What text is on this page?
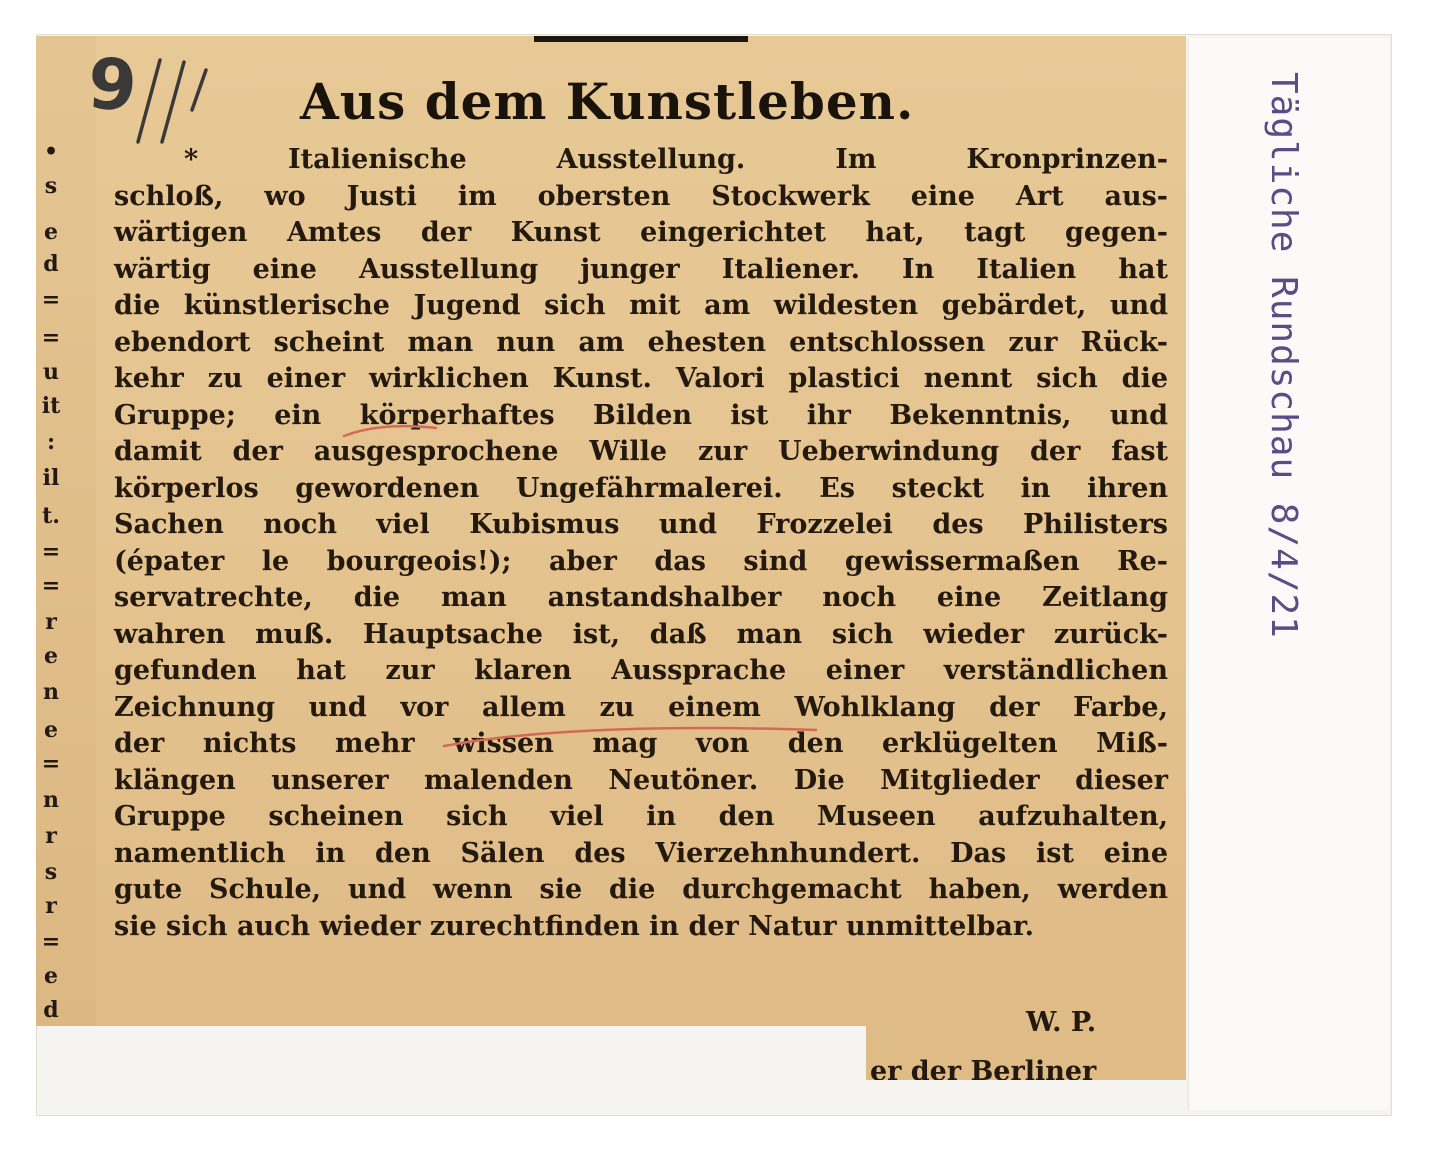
9
•
s
e
d
=
=
u
it
:
il
t.
=
=
r
e
n
e
=
n
r
s
r
=
e
d
Aus dem Kunstleben.
* Italienische Ausstellung. Im Kronprinzen-
schloß, wo Justi im obersten Stockwerk eine Art aus-
wärtigen Amtes der Kunst eingerichtet hat, tagt gegen-
wärtig eine Ausstellung junger Italiener. In Italien hat
die künstlerische Jugend sich mit am wildesten gebärdet, und
ebendort scheint man nun am ehesten entschlossen zur Rück-
kehr zu einer wirklichen Kunst. Valori plastici nennt sich die
Gruppe; ein körperhaftes Bilden ist ihr Bekenntnis, und
damit der ausgesprochene Wille zur Ueberwindung der fast
körperlos gewordenen Ungefährmalerei. Es steckt in ihren
Sachen noch viel Kubismus und Frozzelei des Philisters
(épater le bourgeois!); aber das sind gewissermaßen Re-
servatrechte, die man anstandshalber noch eine Zeitlang
wahren muß. Hauptsache ist, daß man sich wieder zurück-
gefunden hat zur klaren Aussprache einer verständlichen
Zeichnung und vor allem zu einem Wohlklang der Farbe,
der nichts mehr wissen mag von den erklügelten Miß-
klängen unserer malenden Neutöner. Die Mitglieder dieser
Gruppe scheinen sich viel in den Museen aufzuhalten,
namentlich in den Sälen des Vierzehnhundert. Das ist eine
gute Schule, und wenn sie die durchgemacht haben, werden
sie sich auch wieder zurechtfinden in der Natur unmittelbar.
W. P.
er der Berliner
Tägliche Rundschau 8/4/21
